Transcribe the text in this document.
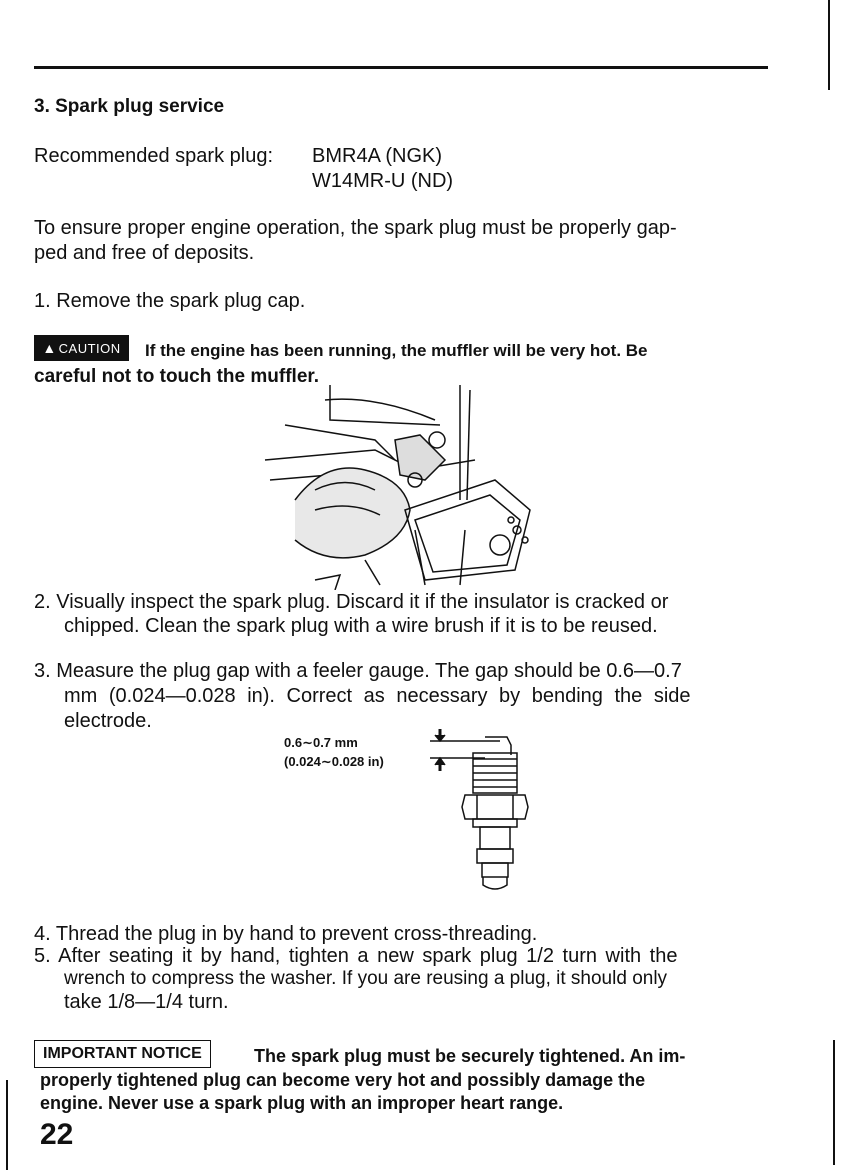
3. Spark plug service
Recommended spark plug: BMR4A (NGK)
W14MR-U (ND)
To ensure proper engine operation, the spark plug must be properly gap-
ped and free of deposits.
1. Remove the spark plug cap.
▲ CAUTION	If the engine has been running, the muffler will be very hot. Be
careful not to touch the muffler.
2. Visually inspect the spark plug. Discard it if the insulator is cracked or
chipped. Clean the spark plug with a wire brush if it is to be reused.
3. Measure the plug gap with a feeler gauge. The gap should be 0.6—0.7
mm (0.024—0.028 in). Correct as necessary by bending the side
electrode.
0.6∼0.7 mm
(0.024∼0.028 in)
4. Thread the plug in by hand to prevent cross-threading.
5. After seating it by hand, tighten a new spark plug 1/2 turn with the
wrench to compress the washer. If you are reusing a plug, it should only
take 1/8—1/4 turn.
IMPORTANT NOTICE	The spark plug must be securely tightened. An im-
properly tightened plug can become very hot and possibly damage the
engine. Never use a spark plug with an improper heart range.
22
